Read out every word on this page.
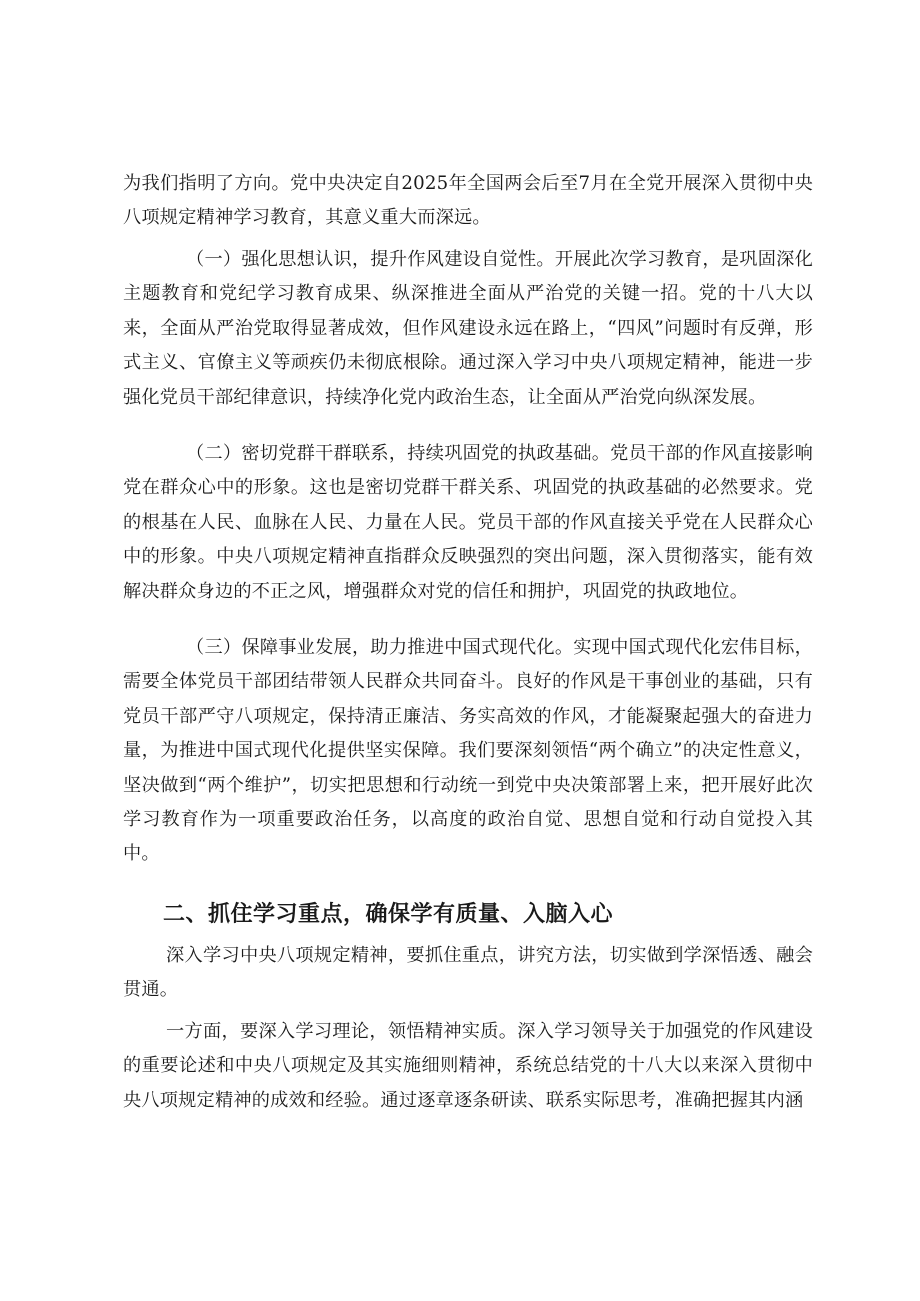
为我们指明了方向。党中央决定自2025年全国两会后至7月在全党开展深入贯彻中央八项规定精神学习教育，其意义重大而深远。

（一）强化思想认识，提升作风建设自觉性。开展此次学习教育，是巩固深化主题教育和党纪学习教育成果、纵深推进全面从严治党的关键一招。党的十八大以来，全面从严治党取得显著成效，但作风建设永远在路上，“四风”问题时有反弹，形式主义、官僚主义等顽疾仍未彻底根除。通过深入学习中央八项规定精神，能进一步强化党员干部纪律意识，持续净化党内政治生态，让全面从严治党向纵深发展。

（二）密切党群干群联系，持续巩固党的执政基础。党员干部的作风直接影响党在群众心中的形象。这也是密切党群干群关系、巩固党的执政基础的必然要求。党的根基在人民、血脉在人民、力量在人民。党员干部的作风直接关乎党在人民群众心中的形象。中央八项规定精神直指群众反映强烈的突出问题，深入贯彻落实，能有效解决群众身边的不正之风，增强群众对党的信任和拥护，巩固党的执政地位。

（三）保障事业发展，助力推进中国式现代化。实现中国式现代化宏伟目标，需要全体党员干部团结带领人民群众共同奋斗。良好的作风是干事创业的基础，只有党员干部严守八项规定，保持清正廉洁、务实高效的作风，才能凝聚起强大的奋进力量，为推进中国式现代化提供坚实保障。我们要深刻领悟“两个确立”的决定性意义，坚决做到“两个维护”，切实把思想和行动统一到党中央决策部署上来，把开展好此次学习教育作为一项重要政治任务，以高度的政治自觉、思想自觉和行动自觉投入其中。

二、抓住学习重点，确保学有质量、入脑入心

深入学习中央八项规定精神，要抓住重点，讲究方法，切实做到学深悟透、融会贯通。

一方面，要深入学习理论，领悟精神实质。深入学习领导关于加强党的作风建设的重要论述和中央八项规定及其实施细则精神，系统总结党的十八大以来深入贯彻中央八项规定精神的成效和经验。通过逐章逐条研读、联系实际思考，准确把握其内涵
